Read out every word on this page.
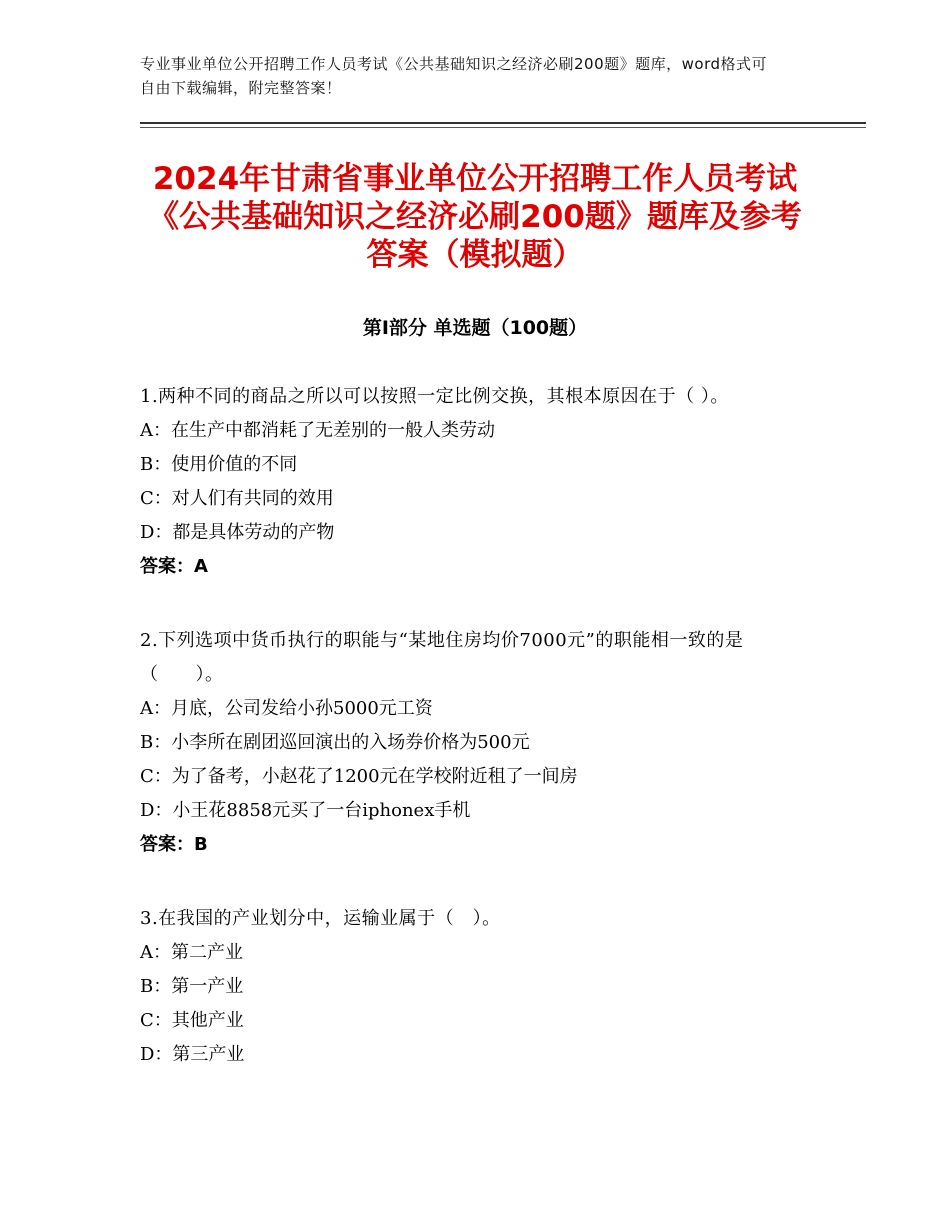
专业事业单位公开招聘工作人员考试《公共基础知识之经济必刷200题》题库，word格式可自由下载编辑，附完整答案！
2024年甘肃省事业单位公开招聘工作人员考试《公共基础知识之经济必刷200题》题库及参考答案（模拟题）
第Ⅰ部分 单选题（100题）
1.两种不同的商品之所以可以按照一定比例交换，其根本原因在于（ ）。
A：在生产中都消耗了无差别的一般人类劳动
B：使用价值的不同
C：对人们有共同的效用
D：都是具体劳动的产物
答案：A
2.下列选项中货币执行的职能与“某地住房均价7000元”的职能相一致的是（　　）。
A：月底，公司发给小孙5000元工资
B：小李所在剧团巡回演出的入场券价格为500元
C：为了备考，小赵花了1200元在学校附近租了一间房
D：小王花8858元买了一台iphonex手机
答案：B
3.在我国的产业划分中，运输业属于（　）。
A：第二产业
B：第一产业
C：其他产业
D：第三产业
